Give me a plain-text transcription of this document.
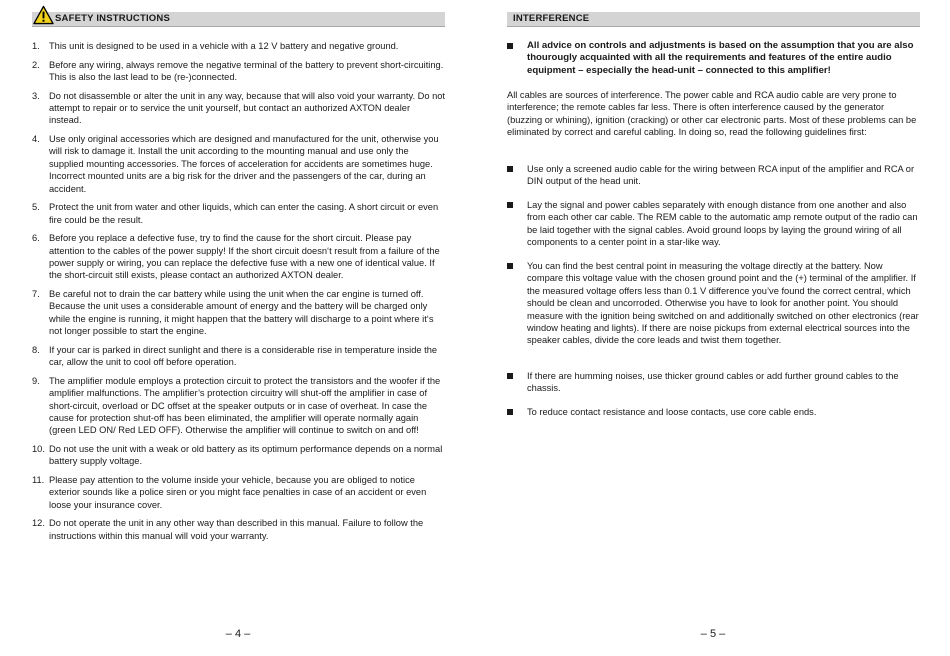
SAFETY INSTRUCTIONS
1. This unit is designed to be used in a vehicle with a 12 V battery and negative ground.
2. Before any wiring, always remove the negative terminal of the battery to prevent short-circuiting. This is also the last lead to be (re-)connected.
3. Do not disassemble or alter the unit in any way, because that will also void your warranty. Do not attempt to repair or to service the unit yourself, but contact an authorized AXTON dealer instead.
4. Use only original accessories which are designed and manufactured for the unit, otherwise you will risk to damage it. Install the unit according to the mounting manual and use only the supplied mounting accessories. The forces of acceleration for accidents are sometimes huge. Incorrect mounted units are a big risk for the driver and the passengers of the car, during an accident.
5. Protect the unit from water and other liquids, which can enter the casing. A short circuit or even fire could be the result.
6. Before you replace a defective fuse, try to find the cause for the short circuit. Please pay attention to the cables of the power supply! If the short circuit doesn‘t result from a failure of the power supply or wiring, you can replace the defective fuse with a new one of identical value. If the short-circuit still exists, please contact an authorized AXTON dealer.
7. Be careful not to drain the car battery while using the unit when the car engine is turned off. Because the unit uses a considerable amount of energy and the battery will be charged only while the engine is running, it might happen that the battery will discharge to a point where it‘s not longer possible to start the engine.
8. If your car is parked in direct sunlight and there is a considerable rise in temperature inside the car, allow the unit to cool off before operation.
9. The amplifier module employs a protection circuit to protect the transistors and the woofer if the amplifier malfunctions. The amplifier’s protection circuitry will shut-off the amplifier in case of short-circuit, overload or DC offset at the speaker outputs or in case of overheat. In case the cause for protection shut-off has been eliminated, the amplifier will operate normally again (green LED ON/ Red LED OFF). Otherwise the amplifier will continue to switch on and off!
10. Do not use the unit with a weak or old battery as its optimum performance depends on a normal battery supply voltage.
11. Please pay attention to the volume inside your vehicle, because you are obliged to notice exterior sounds like a police siren or you might face penalties in case of an accident or even loose your insurance cover.
12. Do not operate the unit in any other way than described in this manual. Failure to follow the instructions within this manual will void your warranty.
– 4 –
INTERFERENCE
All advice on controls and adjustments is based on the assumption that you are also thourougly acquainted with all the requirements and features of the entire audio equipment – especially the head-unit – connected to this amplifier!

All cables are sources of interference. The power cable and RCA audio cable are very prone to interference; the remote cables far less. There is often interference caused by the generator (buzzing or whining), ignition (cracking) or other car electronic parts. Most of these problems can be eliminated by correct and careful cabling. In doing so, read the following guidelines first:

Use only a screened audio cable for the wiring between RCA input of the amplifier and RCA or DIN output of the head unit.
Lay the signal and power cables separately with enough distance from one another and also from each other car cable. The REM cable to the automatic amp remote output of the radio can be laid together with the signal cables. Avoid ground loops by laying the ground wiring of all components to a center point in a star-like way.
You can find the best central point in measuring the voltage directly at the battery. Now compare this voltage value with the chosen ground point and the (+) terminal of the amplifier. If the measured voltage offers less than 0.1 V difference you’ve found the correct central, which should be clean and uncorroded. Otherwise you have to look for another point. You should measure with the ignition being switched on and additionally switched on other electronics (rear window heating and lights). If there are noise pickups from external electrical sources into the speaker cables, divide the core leads and twist them together.
If there are humming noises, use thicker ground cables or add further ground cables to the chassis.
To reduce contact resistance and loose contacts, use core cable ends.
– 5 –
